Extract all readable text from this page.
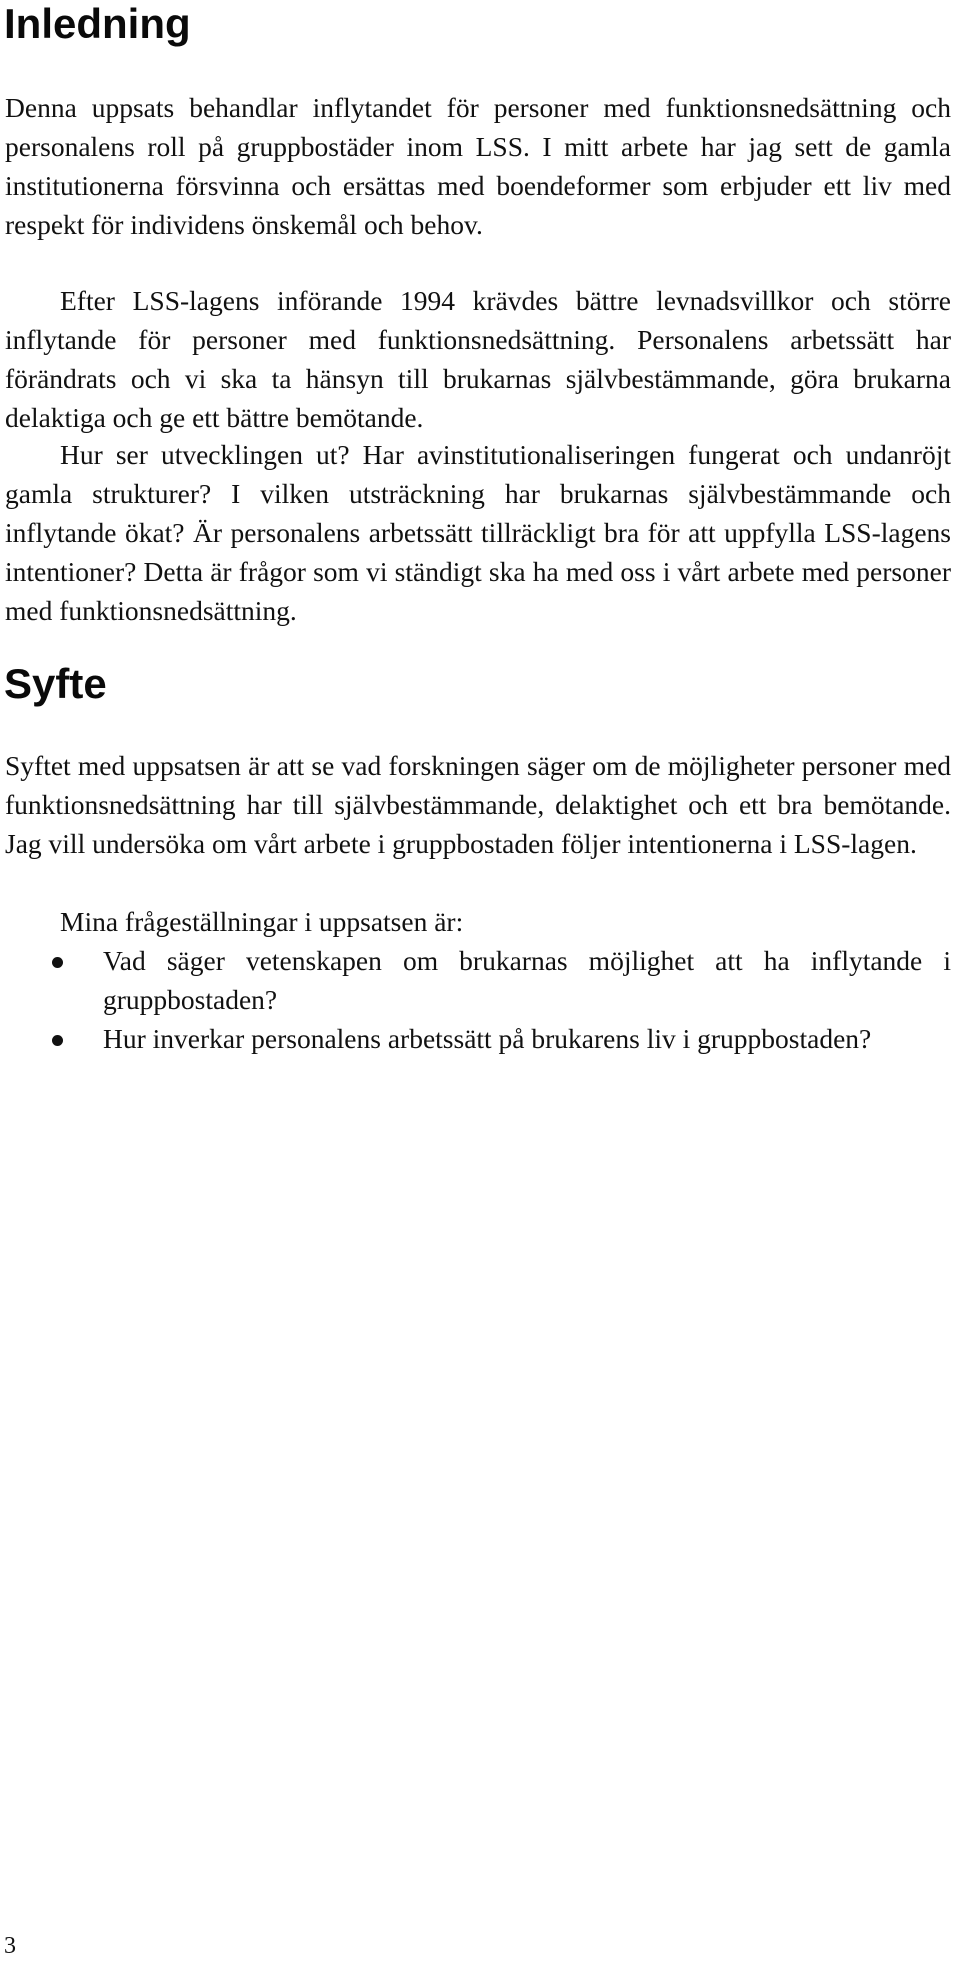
Inledning

Denna uppsats behandlar inflytandet för personer med funktionsnedsättning och personalens roll på gruppbostäder inom LSS. I mitt arbete har jag sett de gamla institutionerna försvinna och ersättas med boendeformer som erbjuder ett liv med respekt för individens önskemål och behov.

Efter LSS-lagens införande 1994 krävdes bättre levnadsvillkor och större inflytande för personer med funktionsnedsättning. Personalens arbetssätt har förändrats och vi ska ta hänsyn till brukarnas självbestämmande, göra brukarna delaktiga och ge ett bättre bemötande.

Hur ser utvecklingen ut? Har avinstitutionaliseringen fungerat och undanröjt gamla strukturer? I vilken utsträckning har brukarnas självbestämmande och inflytande ökat? Är personalens arbetssätt tillräckligt bra för att uppfylla LSS-lagens intentioner? Detta är frågor som vi ständigt ska ha med oss i vårt arbete med personer med funktionsnedsättning.

Syfte

Syftet med uppsatsen är att se vad forskningen säger om de möjligheter personer med funktionsnedsättning har till självbestämmande, delaktighet och ett bra bemötande. Jag vill undersöka om vårt arbete i gruppbostaden följer intentionerna i LSS-lagen.

Mina frågeställningar i uppsatsen är:

Vad säger vetenskapen om brukarnas möjlighet att ha inflytande i gruppbostaden?
Hur inverkar personalens arbetssätt på brukarens liv i gruppbostaden?
3
